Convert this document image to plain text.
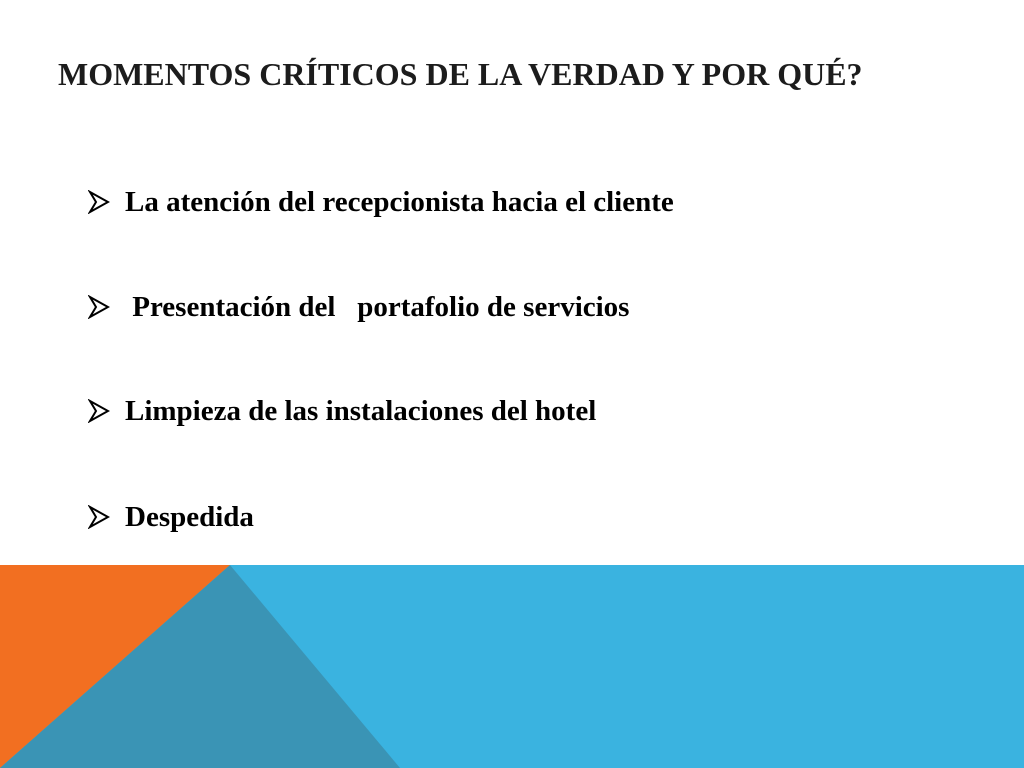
MOMENTOS CRÍTICOS DE LA VERDAD Y POR QUÉ?
La atención del recepcionista hacia el cliente
Presentación del   portafolio de servicios
Limpieza de las instalaciones del hotel
Despedida
